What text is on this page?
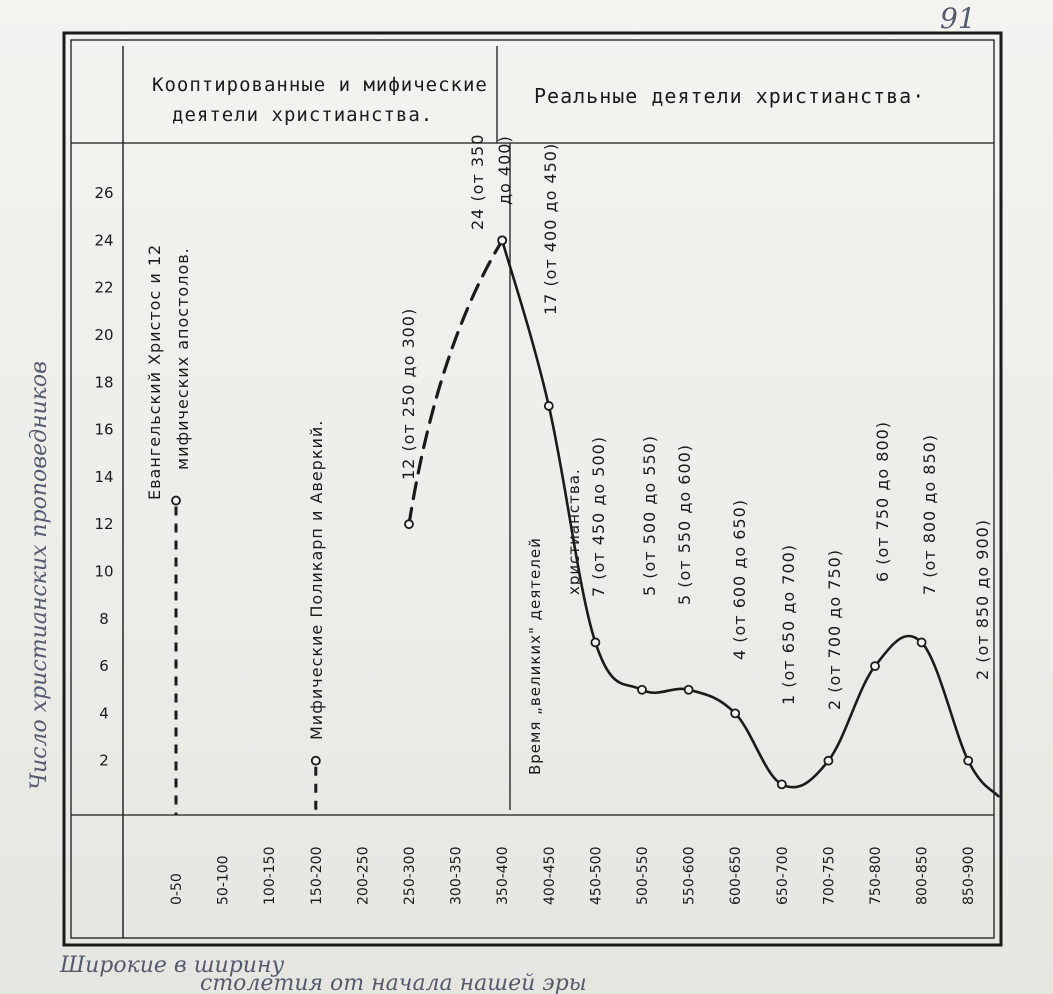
Кооптированные и мифические
деятели христианства.
Реальные деятели христианства·
91
Число христианских проповедников
Широкие в ширину
столетия от начала нашей эры
26
24
22
20
18
16
14
12
10
8
6
4
2
0-50 50-100 100-150 150-200 200-250 250-300 300-350 350-400 400-450 450-500 500-550 550-600 600-650 650-700 700-750 750-800 800-850 850-900
Евангельский Христос и 12 мифических апостолов.
Мифические Поликарп и Аверкий.
12 (от 250 до 300)
24 (от 350 до 400) 17 (от 400 до 450)
Время „великих" деятелей
христианства. 7 (от 450 до 500) 5 (от 500 до 550) 5 (от 550 до 600) 4 (от 600 до 650) 1 (от 650 до 700) 2 (от 700 до 750)
6 (от 750 до 800) 7 (от 800 до 850)
2 (от 850 до 900)
